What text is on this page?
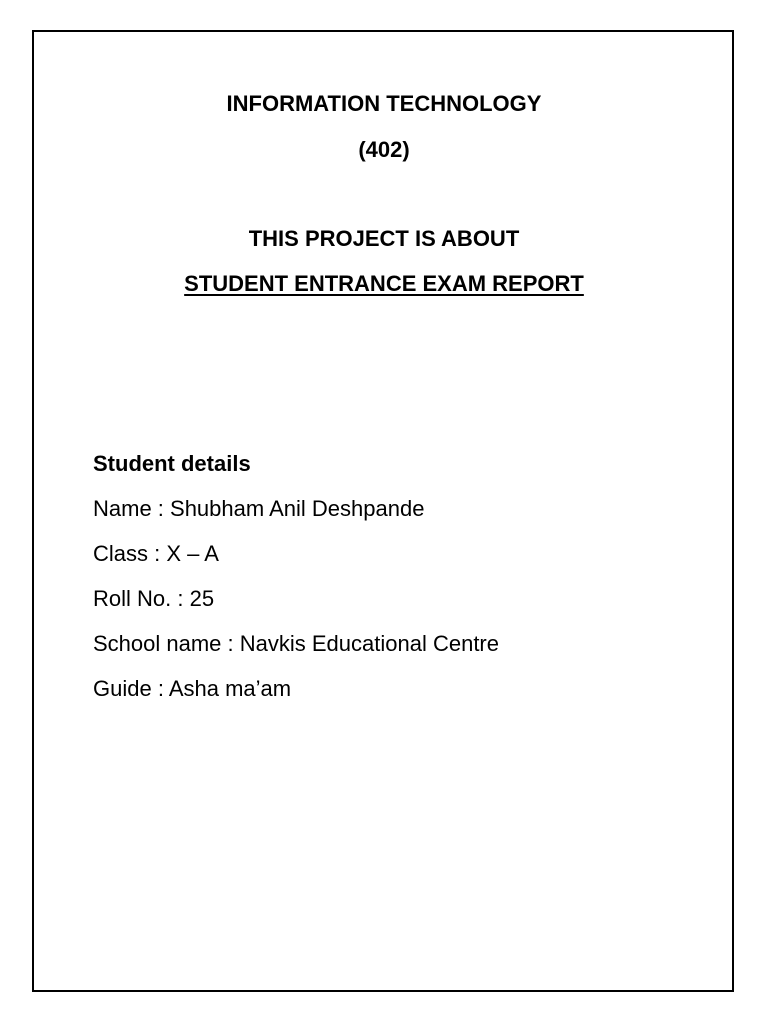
INFORMATION TECHNOLOGY
(402)
THIS PROJECT IS ABOUT
STUDENT ENTRANCE EXAM REPORT
Student details
Name : Shubham Anil Deshpande
Class : X – A
Roll No. : 25
School name : Navkis Educational Centre
Guide : Asha ma’am
